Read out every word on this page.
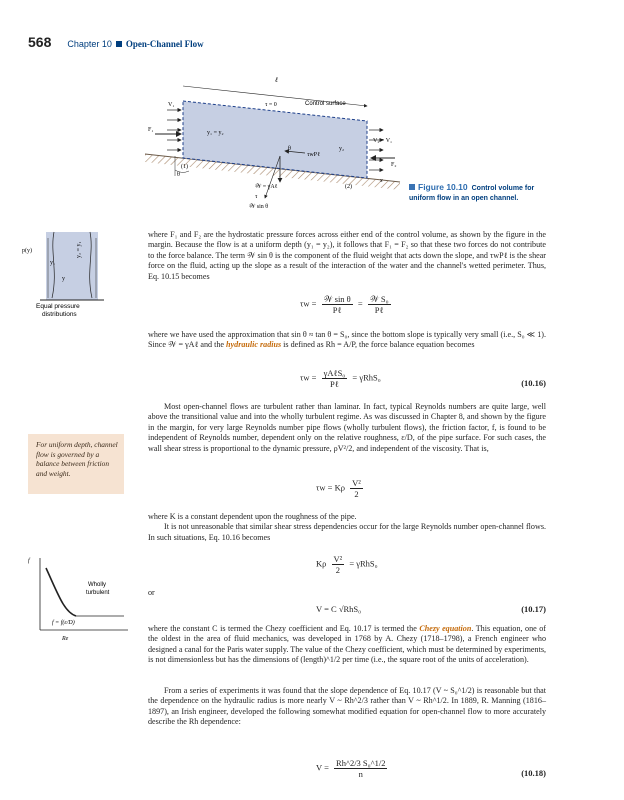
568 Chapter 10 Open-Channel Flow
ℓ
τ = 0	Control surface
V₁
F₁	y₁ = y₂
y₂
V₂ = V₁
F₂
θ
τwPℓ
(1)
θ
(2)
𝒲 = γAℓ
x
𝒲 sin θ
τ
Figure 10.10 Control volume for uniform flow in an open channel.
p(y)
y₁
y
y₂ = y₁
Equal pressure
distributions
where F₁ and F₂ are the hydrostatic pressure forces across either end of the control volume, as shown by the figure in the margin. Because the flow is at a uniform depth (y₁ = y₂), it follows that F₁ = F₂ so that these two forces do not contribute to the force balance. The term 𝒲 sin θ is the component of the fluid weight that acts down the slope, and τwPℓ is the shear force on the fluid, acting up the slope as a result of the interaction of the water and the channel's wetted perimeter. Thus, Eq. 10.15 becomes
$\tau w = \frac{\text{𝒲 sin θ}}{\text{Pℓ}} = \frac{\text{𝒲 S₀}}{\text{Pℓ}}$
where we have used the approximation that sin θ ≈ tan θ = S₀, since the bottom slope is typically very small (i.e., S₀ ≪ 1). Since 𝒲 = γAℓ and the hydraulic radius is defined as Rh = A/P, the force balance equation becomes
$\tau w = \frac{\text{γAℓS₀}}{\text{Pℓ}} = \gamma RhS_0$
(10.16)
For uniform depth, channel flow is governed by a balance between friction and weight.
Most open-channel flows are turbulent rather than laminar. In fact, typical Reynolds numbers are quite large, well above the transitional value and into the wholly turbulent regime. As was discussed in Chapter 8, and shown by the figure in the margin, for very large Reynolds number pipe flows (wholly turbulent flows), the friction factor, f, is found to be independent of Reynolds number, dependent only on the relative roughness, ε/D, of the pipe surface. For such cases, the wall shear stress is proportional to the dynamic pressure, ρV²/2, and independent of the viscosity. That is,
τw = Kρ $\frac{\text{V²}}{2}$
where K is a constant dependent upon the roughness of the pipe.
It is not unreasonable that similar shear stress dependencies occur for the large Reynolds number open-channel flows. In such situations, Eq. 10.16 becomes
Kρ $\frac{\text{V²}}{2} = \gamma RhS_0$
or
V = C √RhS₀	(10.17)
f
Wholly
turbulent
f = f(ε/D)
Re
where the constant C is termed the Chezy coefficient and Eq. 10.17 is termed the Chezy equation. This equation, one of the oldest in the area of fluid mechanics, was developed in 1768 by A. Chezy (1718–1798), a French engineer who designed a canal for the Paris water supply. The value of the Chezy coefficient, which must be determined by experiments, is not dimensionless but has the dimensions of (length)^1/2 per time (i.e., the square root of the units of acceleration).
From a series of experiments it was found that the slope dependence of Eq. 10.17 (V ~ S₀^1/2) is reasonable but that the dependence on the hydraulic radius is more nearly V ~ Rh^2/3 rather than V ~ Rh^1/2. In 1889, R. Manning (1816–1897), an Irish engineer, developed the following somewhat modified equation for open-channel flow to more accurately describe the Rh dependence:
$V = \frac{\text{Rh\textasciicircum{}2/3 S₀\textasciicircum{}1/2}}{n}$	(10.18)
